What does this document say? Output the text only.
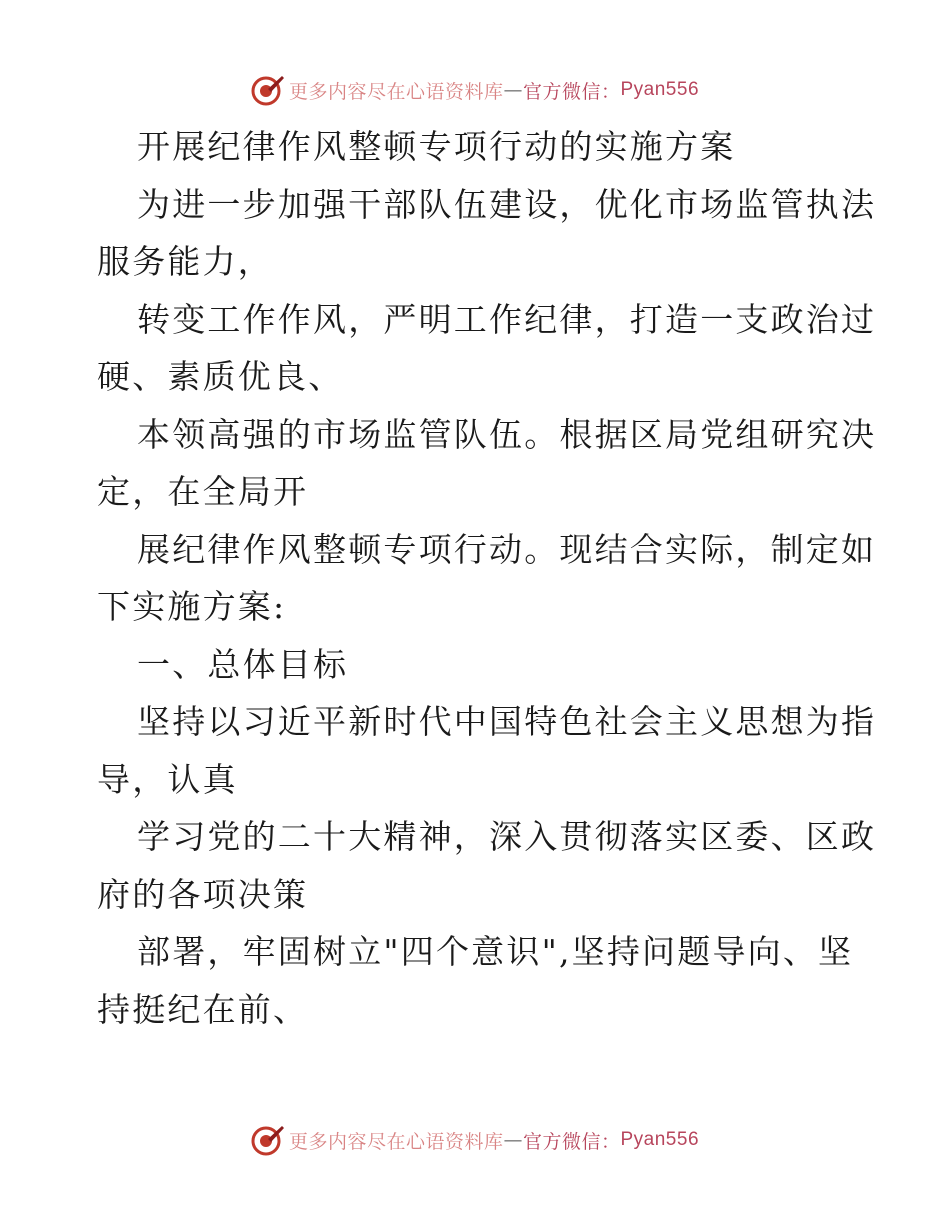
更多内容尽在心语资料库 — 官方微信： Pyan556
开展纪律作风整顿专项行动的实施方案
为进一步加强干部队伍建设，优化市场监管执法
服务能力，
转变工作作风，严明工作纪律，打造一支政治过
硬、素质优良、
本领高强的市场监管队伍。根据区局党组研究决
定，在全局开
展纪律作风整顿专项行动。现结合实际，制定如
下实施方案:
一、总体目标
坚持以习近平新时代中国特色社会主义思想为指
导，认真
学习党的二十大精神，深入贯彻落实区委、区政
府的各项决策
部署，牢固树立"四个意识",坚持问题导向、坚
持挺纪在前、
更多内容尽在心语资料库 — 官方微信： Pyan556
